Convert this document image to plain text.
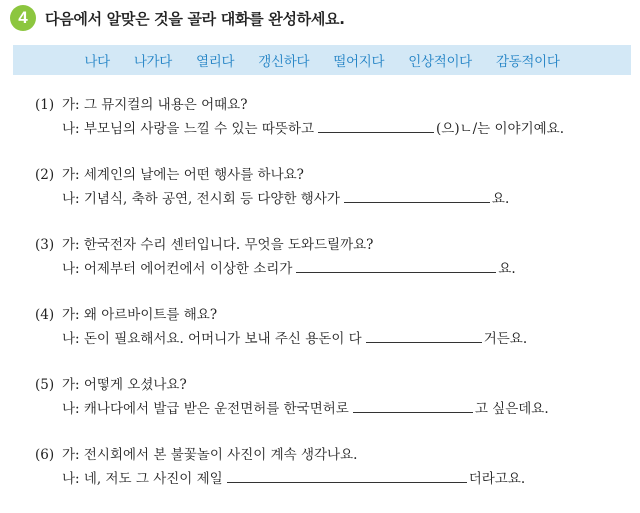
4	다음에서 알맞은 것을 골라 대화를 완성하세요.
나다	나가다	열리다	갱신하다	떨어지다	인상적이다	감동적이다
(1) 가: 그 뮤지컬의 내용은 어때요?
나: 부모님의 사랑을 느낄 수 있는 따뜻하고	(으)ㄴ/는 이야기예요.
(2) 가: 세계인의 날에는 어떤 행사를 하나요?
나: 기념식, 축하 공연, 전시회 등 다양한 행사가	요.
(3) 가: 한국전자 수리 센터입니다. 무엇을 도와드릴까요?
나: 어제부터 에어컨에서 이상한 소리가	요.
(4) 가: 왜 아르바이트를 해요?
나: 돈이 필요해서요. 어머니가 보내 주신 용돈이 다	거든요.
(5) 가: 어떻게 오셨나요?
나: 캐나다에서 발급 받은 운전면허를 한국면허로	고 싶은데요.
(6) 가: 전시회에서 본 불꽃놀이 사진이 계속 생각나요.
나: 네, 저도 그 사진이 제일	더라고요.
